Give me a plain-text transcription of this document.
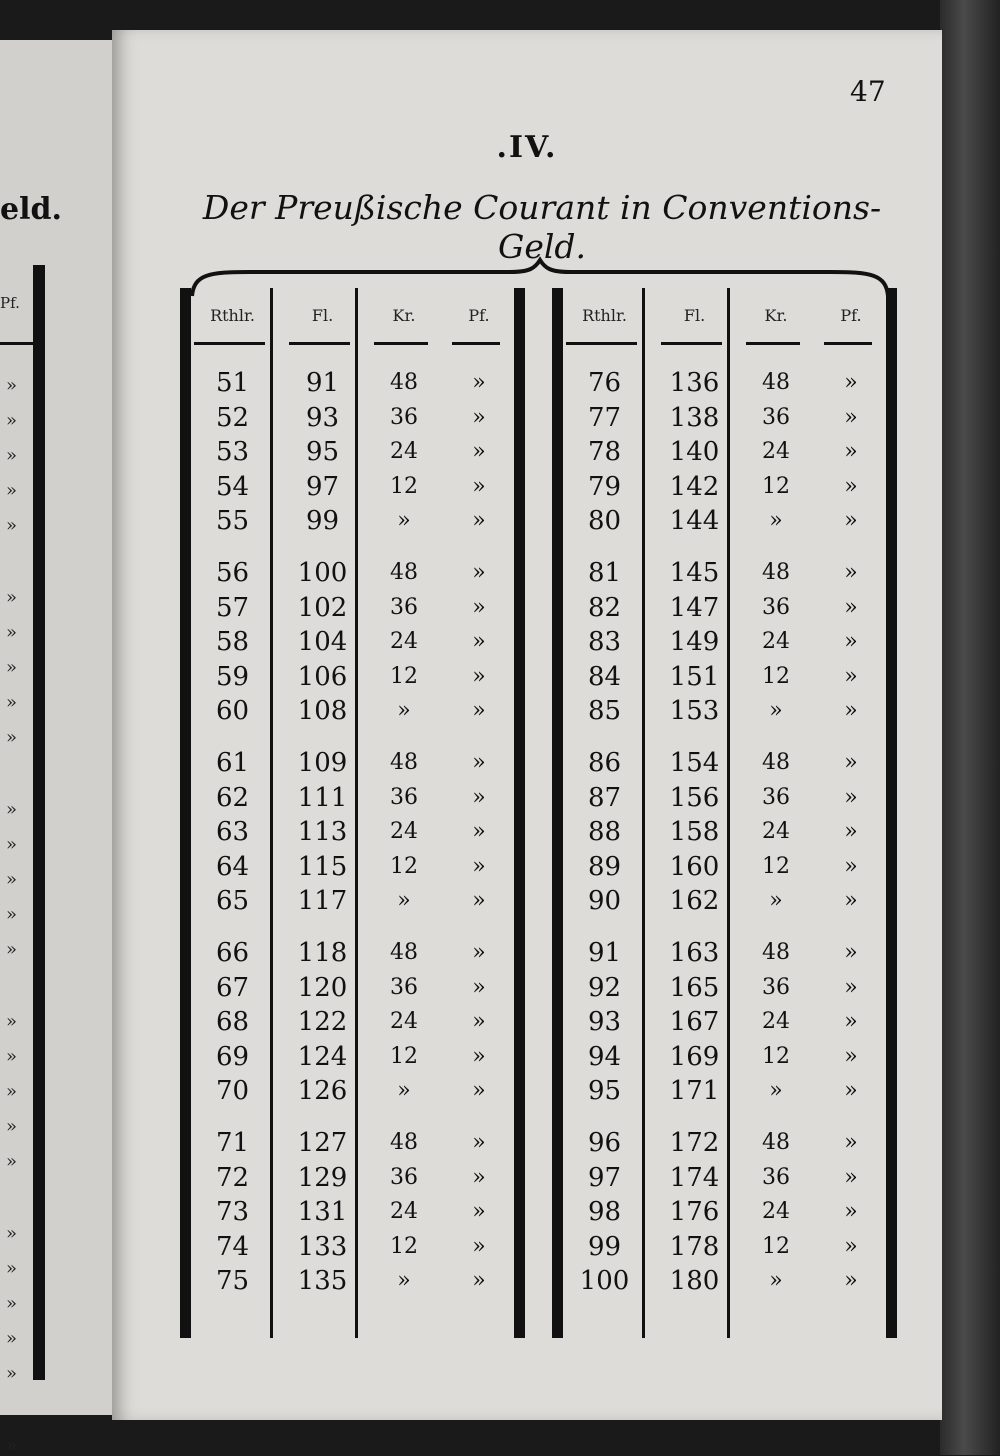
eld.
Pf.
»
»
»
»
»
»
»
»
»
»
»
»
»
»
»
»
»
»
»
»
»
»
»
»
»
»
47
.IV.
Der Preußische Courant in Conventions-Geld.
Rthlr.	Fl.	Kr.	Pf.
51	91	48	»
52	93	36	»
53	95	24	»
54	97	12	»
55	99	»	»
56	100	48	»
57	102	36	»
58	104	24	»
59	106	12	»
60	108	»	»
61	109	48	»
62	111	36	»
63	113	24	»
64	115	12	»
65	117	»	»
66	118	48	»
67	120	36	»
68	122	24	»
69	124	12	»
70	126	»	»
71	127	48	»
72	129	36	»
73	131	24	»
74	133	12	»
75	135	»	»
Rthlr.	Fl.	Kr.	Pf.
76	136	48	»
77	138	36	»
78	140	24	»
79	142	12	»
80	144	»	»
81	145	48	»
82	147	36	»
83	149	24	»
84	151	12	»
85	153	»	»
86	154	48	»
87	156	36	»
88	158	24	»
89	160	12	»
90	162	»	»
91	163	48	»
92	165	36	»
93	167	24	»
94	169	12	»
95	171	»	»
96	172	48	»
97	174	36	»
98	176	24	»
99	178	12	»
100	180	»	»
